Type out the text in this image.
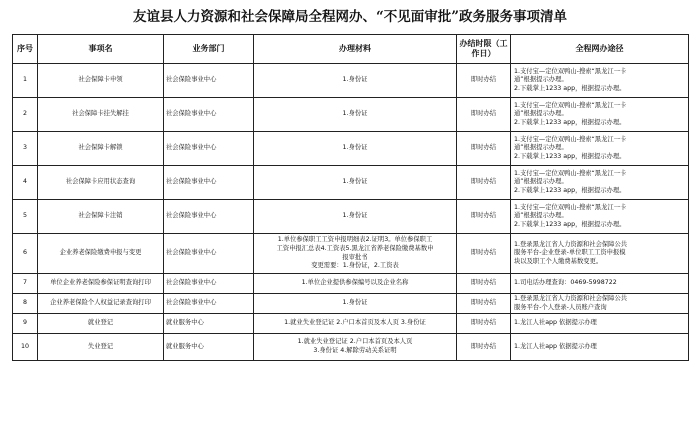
友谊县人力资源和社会保障局全程网办、“不见面审批”政务服务事项清单
序号	事项名	业务部门	办理材料	办结时限（工作日）	全程网办途径
1	社会保障卡申领	社会保险事业中心	1.身份证	即时办结	1.支付宝—定位双鸭山-搜索“黑龙江一卡
通”根据提示办理。
2.下载掌上1233 app，根据提示办理。

2	社会保障卡挂失解挂	社会保险事业中心	1.身份证	即时办结	1.支付宝—定位双鸭山-搜索“黑龙江一卡
通”根据提示办理。
2.下载掌上1233 app，根据提示办理。

3	社会保障卡解锁	社会保险事业中心	1.身份证	即时办结	1.支付宝—定位双鸭山-搜索“黑龙江一卡
通”根据提示办理。
2.下载掌上1233 app，根据提示办理。

4	社会保障卡应用状态查询	社会保险事业中心	1.身份证	即时办结	1.支付宝—定位双鸭山-搜索“黑龙江一卡
通”根据提示办理。
2.下载掌上1233 app，根据提示办理。

5	社会保障卡注销	社会保险事业中心	1.身份证	即时办结	1.支付宝—定位双鸭山-搜索“黑龙江一卡
通”根据提示办理。
2.下载掌上1233 app，根据提示办理。

6	企业养老保险缴费申报与变更	社会保险事业中心	1.单位参保职工工资申报明细表2.证明3。单位参保职工
工资申报汇总表4.工资表5.黑龙江省养老保险缴费基数申
报审批书
变更需要：1.身份证，2.工资表	即时办结	1.登录黑龙江省人力资源和社会保障公共
服务平台-企业登录-单位职工工资申报模
块以及职工个人缴费基数变更。

7	单位企业养老保险参保证明查询打印	社会保险事业中心	1.单位企业提供参保编号以及企业名称	即时办结	1.司电话办理查询：0469-5998722

8	企业养老保险个人权益记录查询打印	社会保险事业中心	1.身份证	即时办结	1.登录黑龙江省人力资源和社会保障公共
服务平台-个人登录-人员账户查询

9	就业登记	就业服务中心	1.就业失业登记证 2.户口本首页及本人页 3.身份证	即时办结	1.龙江人社app 依据提示办理

10	失业登记	就业服务中心	1.就业失业登记证 2.户口本首页及本人页
3.身份证 4.解除劳动关系证明	即时办结	1.龙江人社app 依据提示办理
